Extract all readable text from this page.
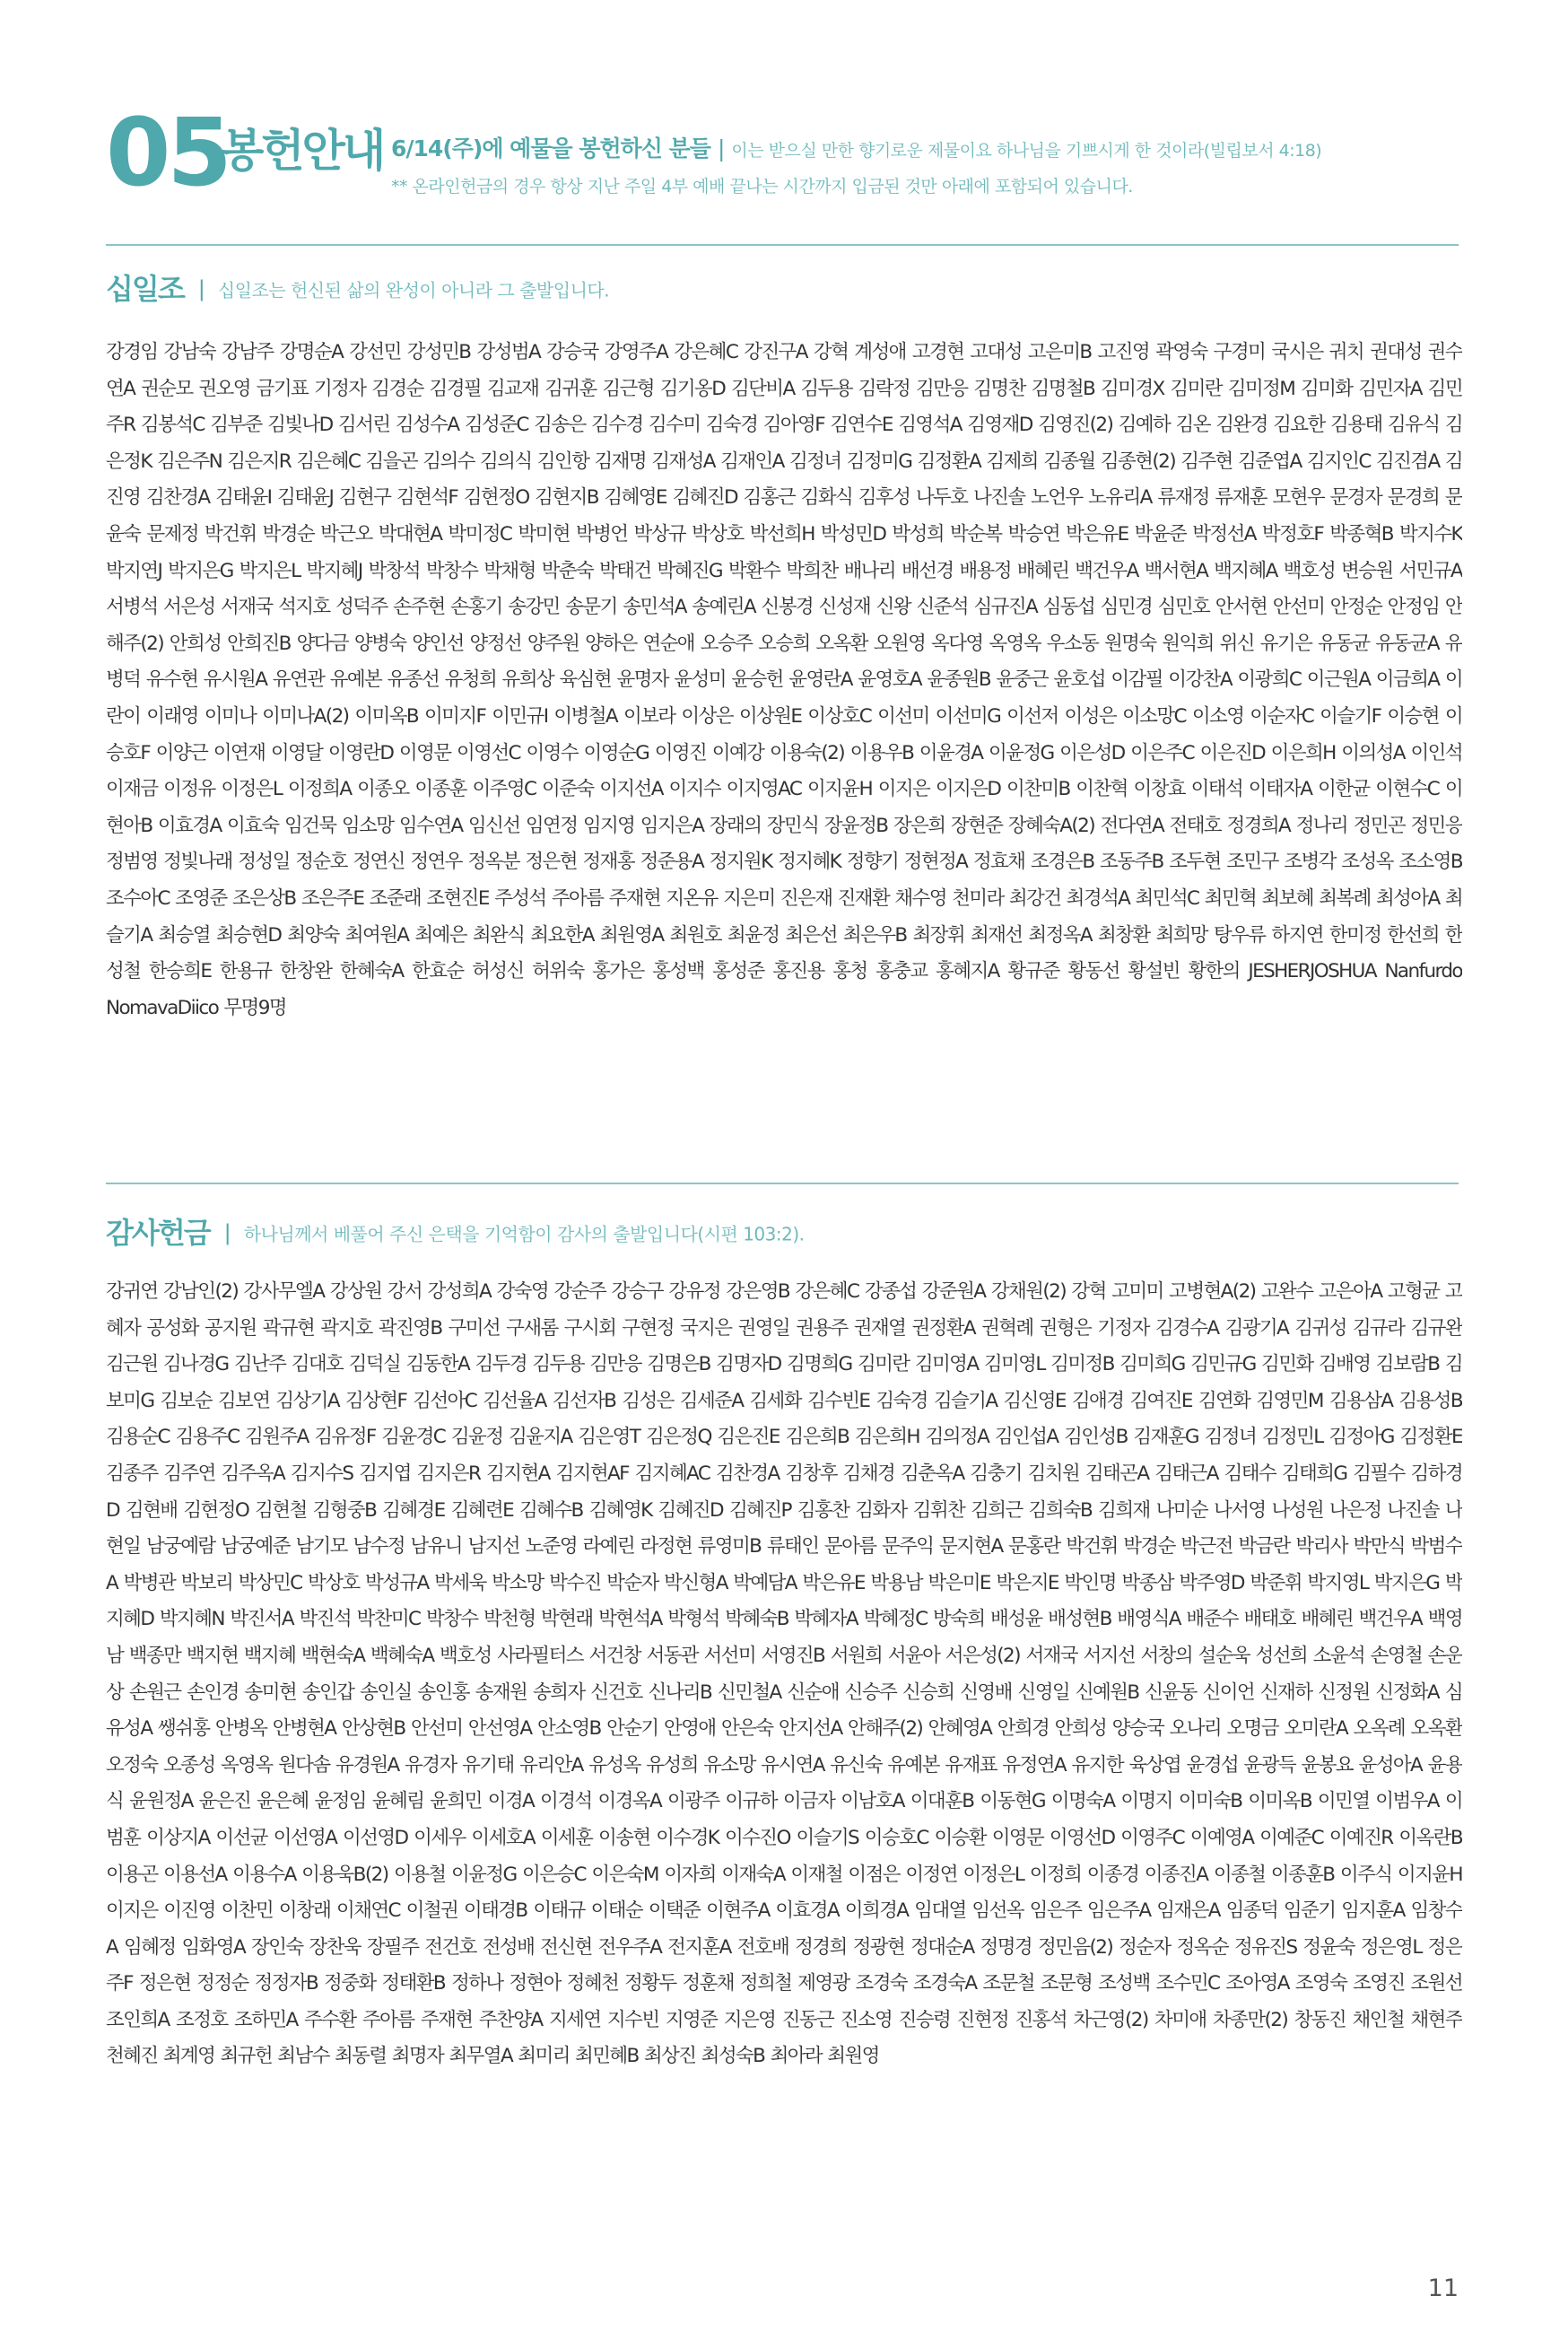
05
봉헌안내 6/14(주)에 예물을 봉헌하신 분들 | 이는 받으실 만한 향기로운 제물이요 하나님을 기쁘시게 한 것이라(빌립보서 4:18)
** 온라인헌금의 경우 항상 지난 주일 4부 예배 끝나는 시간까지 입금된 것만 아래에 포함되어 있습니다.
십일조 | 십일조는 헌신된 삶의 완성이 아니라 그 출발입니다.
강경임 강남숙 강남주 강명순A 강선민 강성민B 강성범A 강승국 강영주A 강은혜C 강진구A 강혁 계성애 고경현 고대성 고은미B 고진영 곽영숙 구경미 국시은 궈치 권대성 권수연A 권순모 권오영 금기표 기정자 김경순 김경필 김교재 김귀훈 김근형 김기옹D 김단비A 김두용 김락정 김만응 김명찬 김명철B 김미경X 김미란 김미정M 김미화 김민자A 김민주R 김봉석C 김부준 김빛나D 김서린 김성수A 김성준C 김송은 김수경 김수미 김숙경 김아영F 김연수E 김영석A 김영재D 김영진(2) 김예하 김온 김완경 김요한 김용태 김유식 김은정K 김은주N 김은지R 김은혜C 김을곤 김의수 김의식 김인항 김재명 김재성A 김재인A 김정녀 김정미G 김정환A 김제희 김종월 김종현(2) 김주현 김준엽A 김지인C 김진겸A 김진영 김찬경A 김태윤I 김태윤J 김현구 김현석F 김현정O 김현지B 김혜영E 김혜진D 김홍근 김화식 김후성 나두호 나진솔 노언우 노유리A 류재정 류재훈 모현우 문경자 문경희 문윤숙 문제정 박건휘 박경순 박근오 박대현A 박미정C 박미현 박병언 박상규 박상호 박선희H 박성민D 박성희 박순복 박승연 박은유E 박윤준 박정선A 박정호F 박종혁B 박지수K 박지연J 박지은G 박지은L 박지혜J 박창석 박창수 박채형 박춘숙 박태건 박혜진G 박환수 박희찬 배나리 배선경 배용정 배혜린 백건우A 백서현A 백지혜A 백호성 변승원 서민규A 서병석 서은성 서재국 석지호 성덕주 손주현 손홍기 송강민 송문기 송민석A 송예린A 신봉경 신성재 신왕 신준석 심규진A 심동섭 심민경 심민호 안서현 안선미 안정순 안정임 안해주(2) 안희성 안희진B 양다금 양병숙 양인선 양정선 양주원 양하은 연순애 오승주 오승희 오옥환 오원영 옥다영 옥영옥 우소동 원명숙 원익희 위신 유기은 유동균 유동균A 유병덕 유수현 유시원A 유연관 유예본 유종선 유청희 유희상 육심현 윤명자 윤성미 윤승헌 윤영란A 윤영호A 윤종원B 윤중근 윤호섭 이감필 이강찬A 이광희C 이근원A 이금희A 이란이 이래영 이미나 이미나A(2) 이미옥B 이미지F 이민규I 이병철A 이보라 이상은 이상원E 이상호C 이선미 이선미G 이선저 이성은 이소망C 이소영 이순자C 이슬기F 이승현 이승호F 이양근 이연재 이영달 이영란D 이영문 이영선C 이영수 이영순G 이영진 이예강 이용숙(2) 이용우B 이윤경A 이윤정G 이은성D 이은주C 이은진D 이은희H 이의성A 이인석 이재금 이정유 이정은L 이정희A 이종오 이종훈 이주영C 이준숙 이지선A 이지수 이지영AC 이지윤H 이지은 이지은D 이찬미B 이찬혁 이창효 이태석 이태자A 이한균 이현수C 이현아B 이효경A 이효숙 임건묵 임소망 임수연A 임신선 임연정 임지영 임지은A 장래의 장민식 장윤정B 장은희 장현준 장혜숙A(2) 전다연A 전태호 정경희A 정나리 정민곤 정민응 정범영 정빛나래 정성일 정순호 정연신 정연우 정옥분 정은현 정재홍 정준용A 정지원K 정지혜K 정향기 정현정A 정효채 조경은B 조동주B 조두현 조민구 조병각 조성옥 조소영B 조수아C 조영준 조은상B 조은주E 조준래 조현진E 주성석 주아름 주재현 지온유 지은미 진은재 진재환 채수영 천미라 최강건 최경석A 최민석C 최민혁 최보혜 최복례 최성아A 최슬기A 최승열 최승현D 최양숙 최여원A 최예은 최완식 최요한A 최원영A 최원호 최윤정 최은선 최은우B 최장휘 최재선 최정옥A 최창환 최희망 탕우류 하지연 한미정 한선희 한성철 한승희E 한용규 한창완 한혜숙A 한효순 허성신 허위숙 홍가은 홍성백 홍성준 홍진용 홍청 홍충교 홍혜지A 황규준 황동선 황설빈 황한의 JESHERJOSHUA Nanfurdo NomavaDiico 무명9명
감사헌금 | 하나님께서 베풀어 주신 은택을 기억함이 감사의 출발입니다(시편 103:2).
강귀연 강남인(2) 강사무엘A 강상원 강서 강성희A 강숙영 강순주 강승구 강유정 강은영B 강은혜C 강종섭 강준원A 강채원(2) 강혁 고미미 고병현A(2) 고완수 고은아A 고형균 고혜자 공성화 공지원 곽규현 곽지호 곽진영B 구미선 구새롬 구시회 구현정 국지은 권영일 권용주 권재열 권정환A 권혁례 권형은 기정자 김경수A 김광기A 김귀성 김규라 김규완 김근원 김나경G 김난주 김대호 김덕실 김동한A 김두경 김두용 김만응 김명은B 김명자D 김명희G 김미란 김미영A 김미영L 김미정B 김미희G 김민규G 김민화 김배영 김보람B 김보미G 김보순 김보연 김상기A 김상현F 김선아C 김선율A 김선자B 김성은 김세준A 김세화 김수빈E 김숙경 김슬기A 김신영E 김애경 김여진E 김연화 김영민M 김용삼A 김용성B 김용순C 김용주C 김원주A 김유정F 김윤경C 김윤정 김윤지A 김은영T 김은정Q 김은진E 김은희B 김은희H 김의정A 김인섭A 김인성B 김재훈G 김정녀 김정민L 김정아G 김정환E 김종주 김주연 김주옥A 김지수S 김지엽 김지은R 김지현A 김지현AF 김지혜AC 김찬경A 김창후 김채경 김춘옥A 김충기 김치원 김태곤A 김태근A 김태수 김태희G 김필수 김하경D 김현배 김현정O 김현철 김형중B 김혜경E 김혜련E 김혜수B 김혜영K 김혜진D 김혜진P 김홍찬 김화자 김휘찬 김희근 김희숙B 김희재 나미순 나서영 나성원 나은정 나진솔 나현일 남궁예람 남궁예준 남기모 남수정 남유니 남지선 노준영 라예린 라정현 류영미B 류태인 문아름 문주익 문지현A 문홍란 박건휘 박경순 박근전 박금란 박리사 박만식 박범수A 박병관 박보리 박상민C 박상호 박성규A 박세욱 박소망 박수진 박순자 박신형A 박예담A 박은유E 박용남 박은미E 박은지E 박인명 박종삼 박주영D 박준휘 박지영L 박지은G 박지혜D 박지혜N 박진서A 박진석 박찬미C 박창수 박천형 박현래 박현석A 박형석 박혜숙B 박혜자A 박혜정C 방숙희 배성윤 배성현B 배영식A 배준수 배태호 배혜린 백건우A 백영남 백종만 백지현 백지혜 백현숙A 백혜숙A 백호성 사라필터스 서건창 서동관 서선미 서영진B 서원희 서윤아 서은성(2) 서재국 서지선 서창의 설순욱 성선희 소윤석 손영철 손운상 손원근 손인경 송미현 송인갑 송인실 송인홍 송재원 송희자 신건호 신나리B 신민철A 신순애 신승주 신승희 신영배 신영일 신예원B 신윤동 신이언 신재하 신정원 신정화A 심유성A 쌩쉬홍 안병옥 안병현A 안상현B 안선미 안선영A 안소영B 안순기 안영애 안은숙 안지선A 안해주(2) 안혜영A 안희경 안희성 양승국 오나리 오명금 오미란A 오옥례 오옥환 오정숙 오종성 옥영옥 원다솜 유경원A 유경자 유기태 유리안A 유성옥 유성희 유소망 유시연A 유신숙 유예본 유재표 유정연A 유지한 육상엽 윤경섭 윤광득 윤봉요 윤성아A 윤용식 윤원정A 윤은진 윤은혜 윤정임 윤혜림 윤희민 이경A 이경석 이경옥A 이광주 이규하 이금자 이남호A 이대훈B 이동현G 이명숙A 이명지 이미숙B 이미옥B 이민열 이범우A 이범훈 이상지A 이선균 이선영A 이선영D 이세우 이세호A 이세훈 이송현 이수경K 이수진O 이슬기S 이승호C 이승환 이영문 이영선D 이영주C 이예영A 이예준C 이예진R 이옥란B 이용곤 이용선A 이용수A 이용욱B(2) 이용철 이윤정G 이은승C 이은숙M 이자희 이재숙A 이재철 이점은 이정연 이정은L 이정희 이종경 이종진A 이종철 이종훈B 이주식 이지윤H 이지은 이진영 이찬민 이창래 이채연C 이철권 이태경B 이태규 이태순 이택준 이현주A 이효경A 이희경A 임대열 임선옥 임은주 임은주A 임재은A 임종덕 임준기 임지훈A 임창수A 임혜정 임화영A 장인숙 장찬욱 장필주 전건호 전성배 전신현 전우주A 전지훈A 전호배 정경희 정광현 정대순A 정명경 정민음(2) 정순자 정옥순 정유진S 정윤숙 정은영L 정은주F 정은현 정정순 정정자B 정중화 정태환B 정하나 정현아 정혜천 정황두 정훈채 정희철 제영광 조경숙 조경숙A 조문철 조문형 조성백 조수민C 조아영A 조영숙 조영진 조원선 조인희A 조정호 조하민A 주수환 주아름 주재현 주찬양A 지세연 지수빈 지영준 지은영 진동근 진소영 진승령 진현정 진홍석 차근영(2) 차미애 차종만(2) 창동진 채인철 채현주 천혜진 최계영 최규헌 최남수 최동렬 최명자 최무열A 최미리 최민혜B 최상진 최성숙B 최아라 최원영
11
